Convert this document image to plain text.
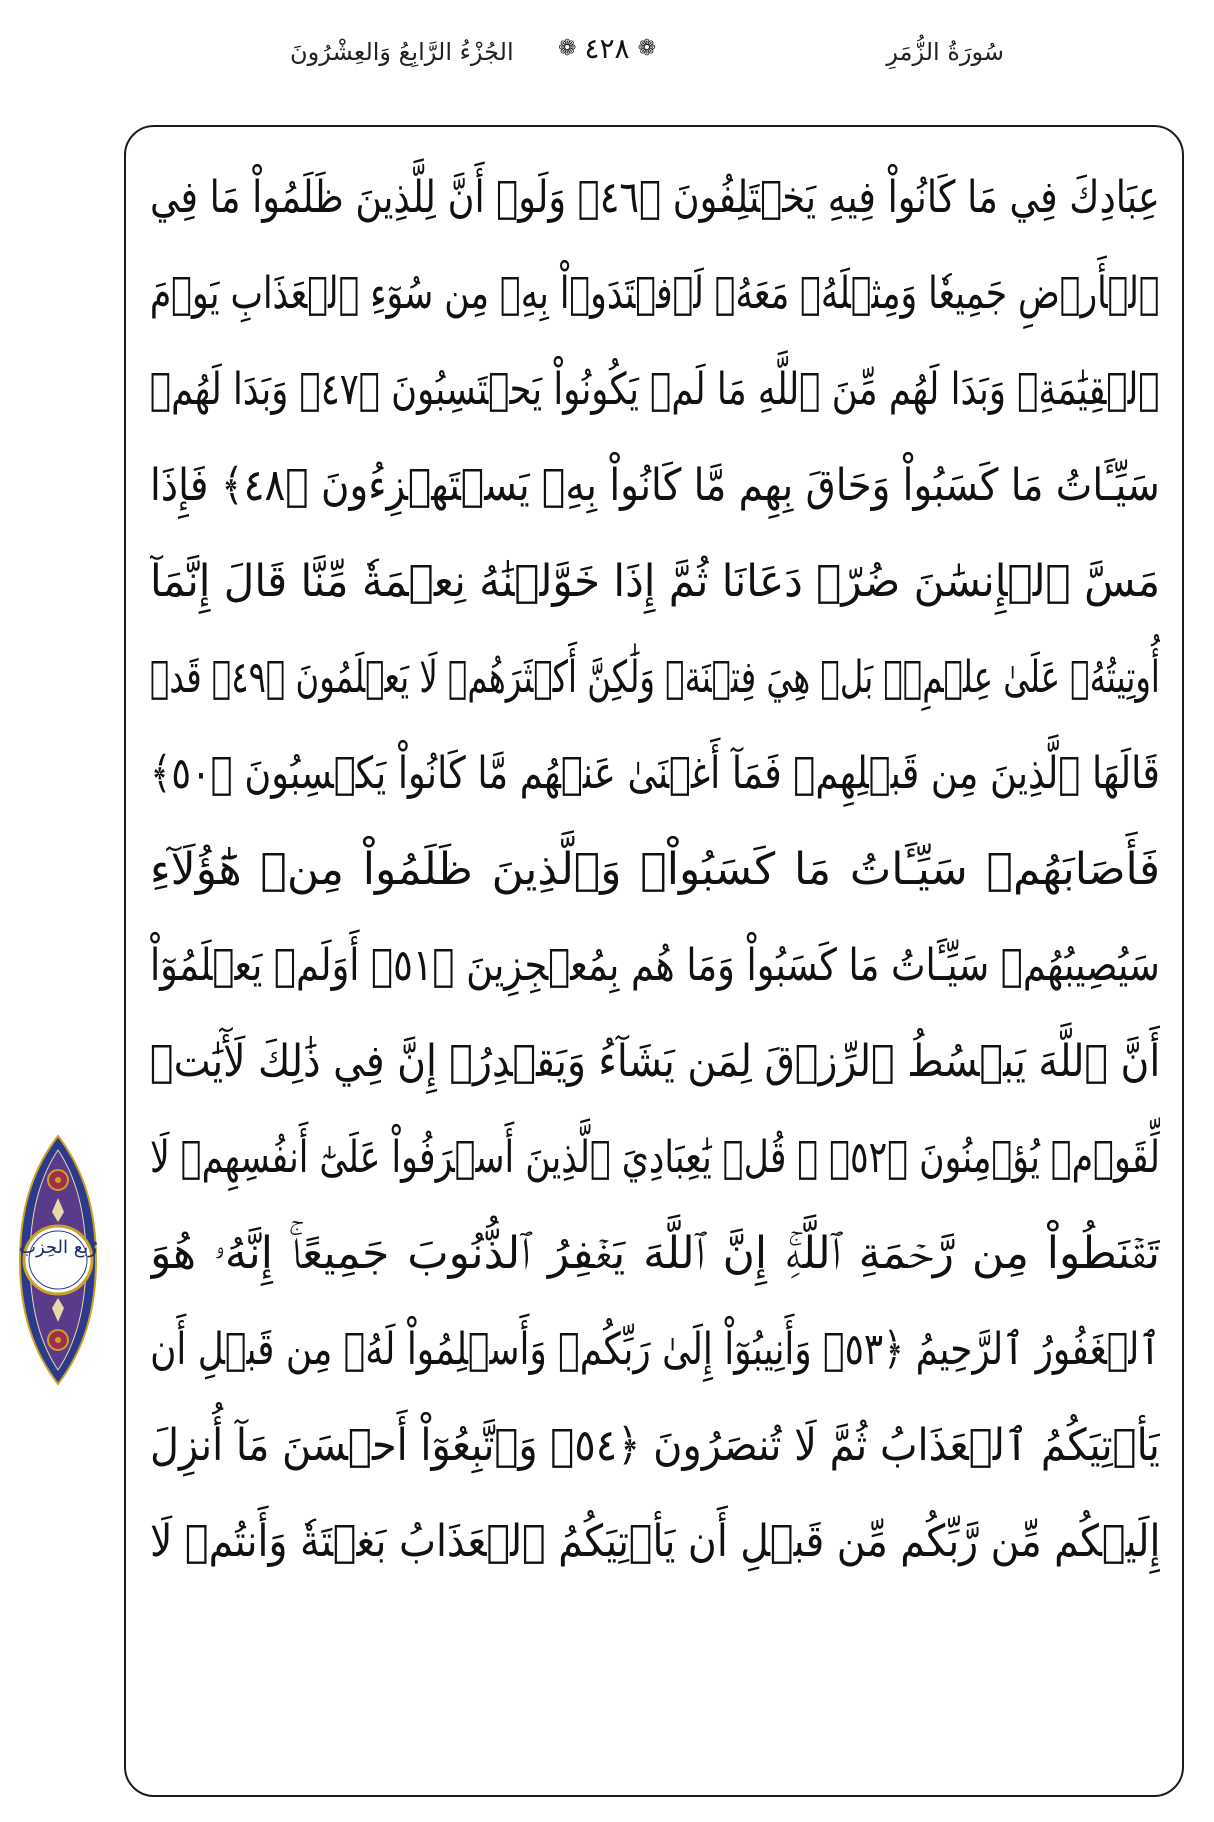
سُورَةُ الزُّمَرِ
❁ ٤٢٨ ❁
الجُزْءُ الرَّابِعُ وَالعِشْرُونَ
عِبَادِكَ فِي مَا كَانُواْ فِيهِ يَخۡتَلِفُونَ ﴿٤٦﴾ وَلَوۡ أَنَّ لِلَّذِينَ ظَلَمُواْ مَا فِي
ٱلۡأَرۡضِ جَمِيعٗا وَمِثۡلَهُۥ مَعَهُۥ لَٱفۡتَدَوۡاْ بِهِۦ مِن سُوٓءِ ٱلۡعَذَابِ يَوۡمَ
ٱلۡقِيَٰمَةِۚ وَبَدَا لَهُم مِّنَ ٱللَّهِ مَا لَمۡ يَكُونُواْ يَحۡتَسِبُونَ ﴿٤٧﴾ وَبَدَا لَهُمۡ
سَيِّـَٔاتُ مَا كَسَبُواْ وَحَاقَ بِهِم مَّا كَانُواْ بِهِۦ يَسۡتَهۡزِءُونَ ﴿٤٨﴾ فَإِذَا
مَسَّ ٱلۡإِنسَٰنَ ضُرّٞ دَعَانَا ثُمَّ إِذَا خَوَّلۡنَٰهُ نِعۡمَةٗ مِّنَّا قَالَ إِنَّمَآ
أُوتِيتُهُۥ عَلَىٰ عِلۡمِۭۚ بَلۡ هِيَ فِتۡنَةٞ وَلَٰكِنَّ أَكۡثَرَهُمۡ لَا يَعۡلَمُونَ ﴿٤٩﴾ قَدۡ
قَالَهَا ٱلَّذِينَ مِن قَبۡلِهِمۡ فَمَآ أَغۡنَىٰ عَنۡهُم مَّا كَانُواْ يَكۡسِبُونَ ﴿٥٠﴾
فَأَصَابَهُمۡ سَيِّـَٔاتُ مَا كَسَبُواْۚ وَٱلَّذِينَ ظَلَمُواْ مِنۡ هَٰٓؤُلَآءِ
سَيُصِيبُهُمۡ سَيِّـَٔاتُ مَا كَسَبُواْ وَمَا هُم بِمُعۡجِزِينَ ﴿٥١﴾ أَوَلَمۡ يَعۡلَمُوٓاْ
أَنَّ ٱللَّهَ يَبۡسُطُ ٱلرِّزۡقَ لِمَن يَشَآءُ وَيَقۡدِرُۚ إِنَّ فِي ذَٰلِكَ لَأٓيَٰتٖ
لِّقَوۡمٖ يُؤۡمِنُونَ ﴿٥٢﴾ ۞ قُلۡ يَٰعِبَادِيَ ٱلَّذِينَ أَسۡرَفُواْ عَلَىٰٓ أَنفُسِهِمۡ لَا
تَقۡنَطُواْ مِن رَّحۡمَةِ ٱللَّهِۚ إِنَّ ٱللَّهَ يَغۡفِرُ ٱلذُّنُوبَ جَمِيعًاۚ إِنَّهُۥ هُوَ
ٱلۡغَفُورُ ٱلرَّحِيمُ ﴿٥٣﴾ وَأَنِيبُوٓاْ إِلَىٰ رَبِّكُمۡ وَأَسۡلِمُواْ لَهُۥ مِن قَبۡلِ أَن
يَأۡتِيَكُمُ ٱلۡعَذَابُ ثُمَّ لَا تُنصَرُونَ ﴿٥٤﴾ وَٱتَّبِعُوٓاْ أَحۡسَنَ مَآ أُنزِلَ
إِلَيۡكُم مِّن رَّبِّكُم مِّن قَبۡلِ أَن يَأۡتِيَكُمُ ٱلۡعَذَابُ بَغۡتَةٗ وَأَنتُمۡ لَا
رُبع الحِزب
